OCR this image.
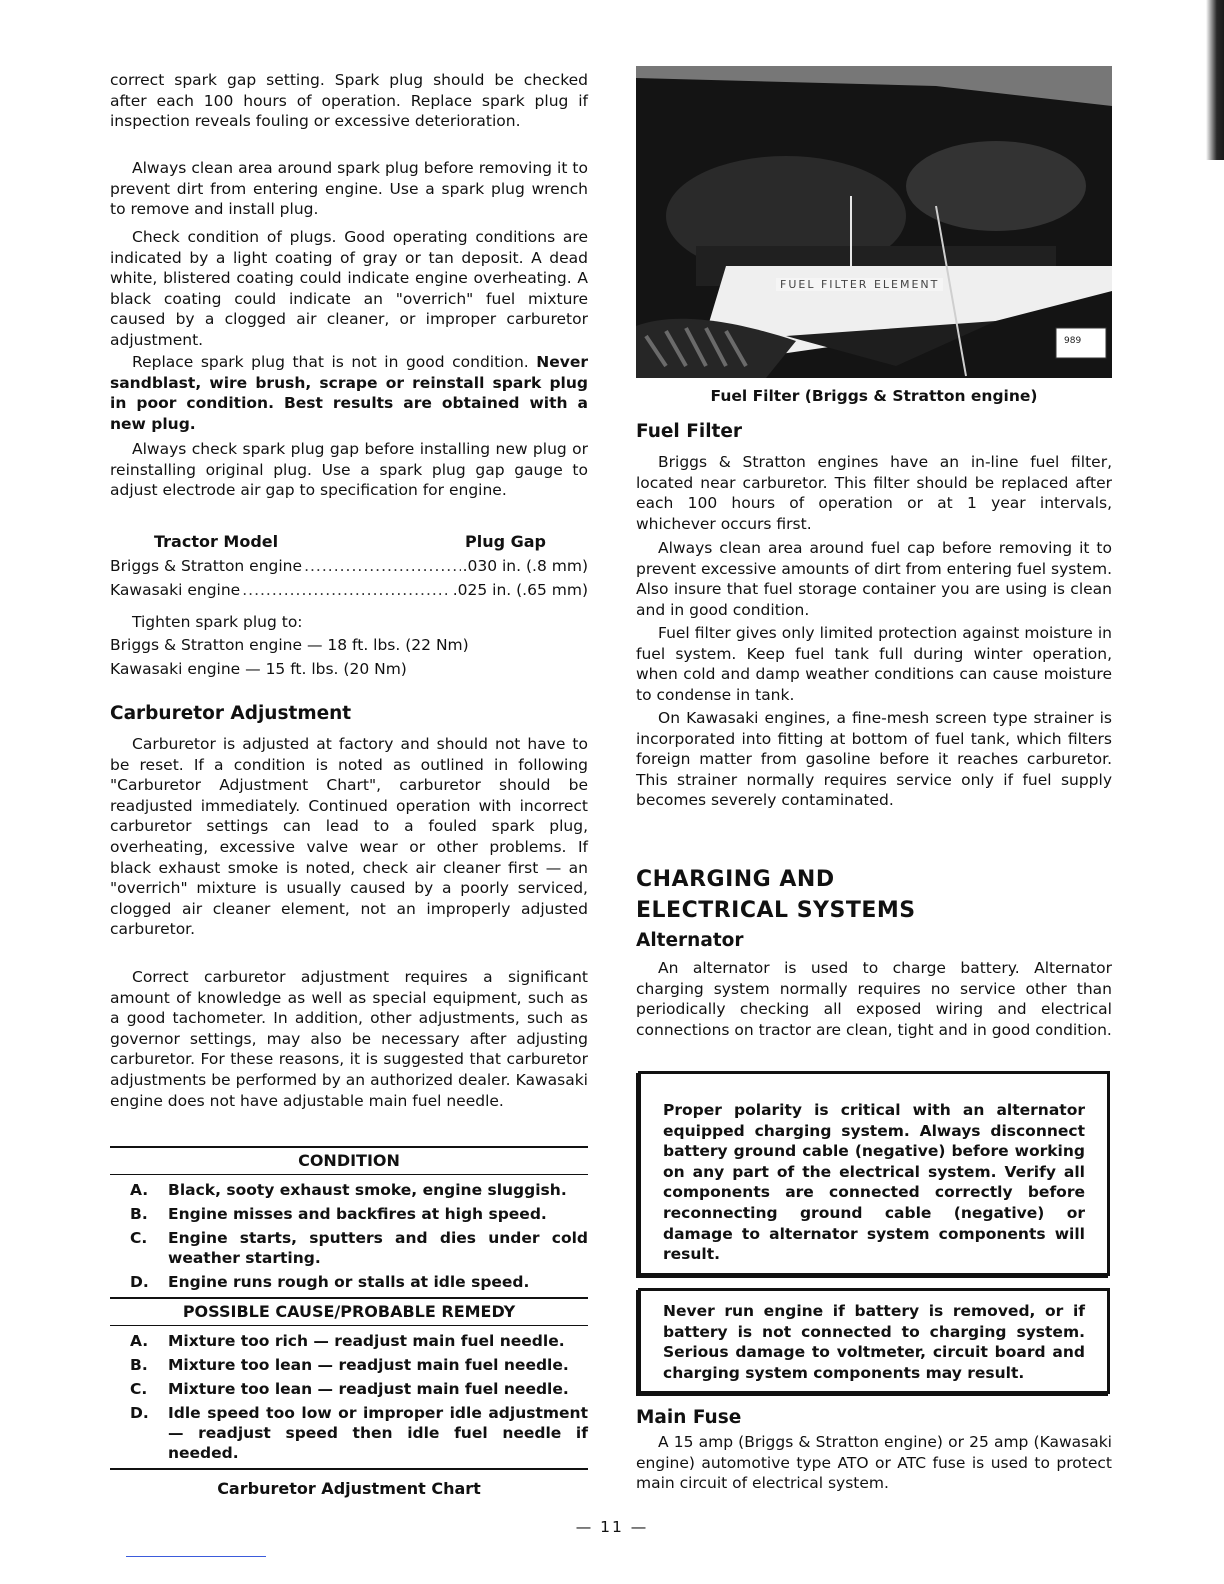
correct spark gap setting. Spark plug should be checked after each 100 hours of operation. Replace spark plug if inspection reveals fouling or excessive deterioration.

Always clean area around spark plug before removing it to prevent dirt from entering engine. Use a spark plug wrench to remove and install plug.

Check condition of plugs. Good operating conditions are indicated by a light coating of gray or tan deposit. A dead white, blistered coating could indicate engine overheating. A black coating could indicate an "overrich" fuel mixture caused by a clogged air cleaner, or improper carburetor adjustment.

Replace spark plug that is not in good condition. Never sandblast, wire brush, scrape or reinstall spark plug in poor condition. Best results are obtained with a new plug.

Always check spark plug gap before installing new plug or reinstalling original plug. Use a spark plug gap gauge to adjust electrode air gap to specification for engine.

Tractor Model	Plug Gap
Briggs & Stratton engine .....	.030 in. (.8 mm)
Kawasaki engine .....	.025 in. (.65 mm)

Tighten spark plug to:

Briggs & Stratton engine — 18 ft. lbs. (22 Nm)

Kawasaki engine — 15 ft. lbs. (20 Nm)

Carburetor Adjustment

Carburetor is adjusted at factory and should not have to be reset. If a condition is noted as outlined in following "Carburetor Adjustment Chart", carburetor should be readjusted immediately. Continued operation with incorrect carburetor settings can lead to a fouled spark plug, overheating, excessive valve wear or other problems. If black exhaust smoke is noted, check air cleaner first — an "overrich" mixture is usually caused by a poorly serviced, clogged air cleaner element, not an improperly adjusted carburetor.

Correct carburetor adjustment requires a significant amount of knowledge as well as special equipment, such as a good tachometer. In addition, other adjustments, such as governor settings, may also be necessary after adjusting carburetor. For these reasons, it is suggested that carburetor adjustments be performed by an authorized dealer. Kawasaki engine does not have adjustable main fuel needle.

CONDITION
A.	Black, sooty exhaust smoke, engine sluggish.
B.	Engine misses and backfires at high speed.
C.	Engine starts, sputters and dies under cold weather starting.
D.	Engine runs rough or stalls at idle speed.
POSSIBLE CAUSE/PROBABLE REMEDY
A.	Mixture too rich — readjust main fuel needle.
B.	Mixture too lean — readjust main fuel needle.
C.	Mixture too lean — readjust main fuel needle.
D.	Idle speed too low or improper idle adjustment — readjust speed then idle fuel needle if needed.
Carburetor Adjustment Chart
FUEL FILTER ELEMENT
989
Fuel Filter (Briggs & Stratton engine)
Fuel Filter

Briggs & Stratton engines have an in-line fuel filter, located near carburetor. This filter should be replaced after each 100 hours of operation or at 1 year intervals, whichever occurs first.

Always clean area around fuel cap before removing it to prevent excessive amounts of dirt from entering fuel system. Also insure that fuel storage container you are using is clean and in good condition.

Fuel filter gives only limited protection against moisture in fuel system. Keep fuel tank full during winter operation, when cold and damp weather conditions can cause moisture to condense in tank.

On Kawasaki engines, a fine-mesh screen type strainer is incorporated into fitting at bottom of fuel tank, which filters foreign matter from gasoline before it reaches carburetor. This strainer normally requires service only if fuel supply becomes severely contaminated.

CHARGING AND
ELECTRICAL SYSTEMS
Alternator

An alternator is used to charge battery. Alternator charging system normally requires no service other than periodically checking all exposed wiring and electrical connections on tractor are clean, tight and in good condition.

Proper polarity is critical with an alternator equipped charging system. Always disconnect battery ground cable (negative) before working on any part of the electrical system. Verify all components are connected correctly before reconnecting ground cable (negative) or damage to alternator system components will result.

Never run engine if battery is removed, or if battery is not connected to charging system. Serious damage to voltmeter, circuit board and charging system components may result.

Main Fuse

A 15 amp (Briggs & Stratton engine) or 25 amp (Kawasaki engine) automotive type ATO or ATC fuse is used to protect main circuit of electrical system.

— 11 —
